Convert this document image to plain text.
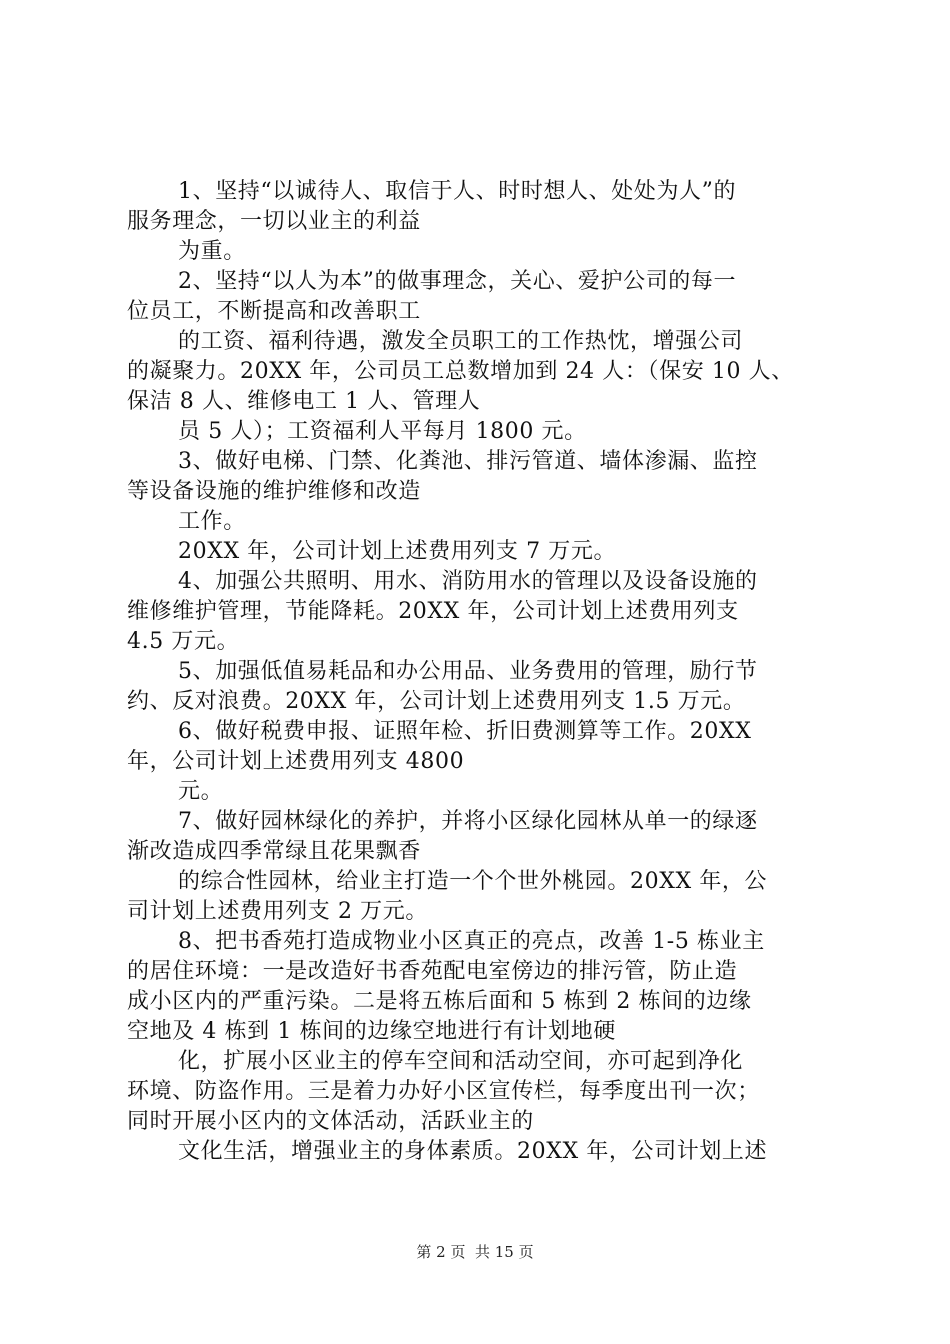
1、坚持“以诚待人、取信于人、时时想人、处处为人”的
服务理念，一切以业主的利益
为重。
2、坚持“以人为本”的做事理念，关心、爱护公司的每一
位员工，不断提高和改善职工
的工资、福利待遇，激发全员职工的工作热忱，增强公司
的凝聚力。20XX 年，公司员工总数增加到 24 人：（保安 10 人、
保洁 8 人、维修电工 1 人、管理人
员 5 人）；工资福利人平每月 1800 元。
3、做好电梯、门禁、化粪池、排污管道、墙体渗漏、监控
等设备设施的维护维修和改造
工作。
20XX 年，公司计划上述费用列支 7 万元。
4、加强公共照明、用水、消防用水的管理以及设备设施的
维修维护管理，节能降耗。20XX 年，公司计划上述费用列支
4.5 万元。
5、加强低值易耗品和办公用品、业务费用的管理，励行节
约、反对浪费。20XX 年，公司计划上述费用列支 1.5 万元。
6、做好税费申报、证照年检、折旧费测算等工作。20XX
年，公司计划上述费用列支 4800
元。
7、做好园林绿化的养护，并将小区绿化园林从单一的绿逐
渐改造成四季常绿且花果飘香
的综合性园林，给业主打造一个个世外桃园。20XX 年，公
司计划上述费用列支 2 万元。
8、把书香苑打造成物业小区真正的亮点，改善 1-5 栋业主
的居住环境：一是改造好书香苑配电室傍边的排污管，防止造
成小区内的严重污染。二是将五栋后面和 5 栋到 2 栋间的边缘
空地及 4 栋到 1 栋间的边缘空地进行有计划地硬
化，扩展小区业主的停车空间和活动空间，亦可起到净化
环境、防盗作用。三是着力办好小区宣传栏，每季度出刊一次；
同时开展小区内的文体活动，活跃业主的
文化生活，增强业主的身体素质。20XX 年，公司计划上述
第 2 页 共 15 页
